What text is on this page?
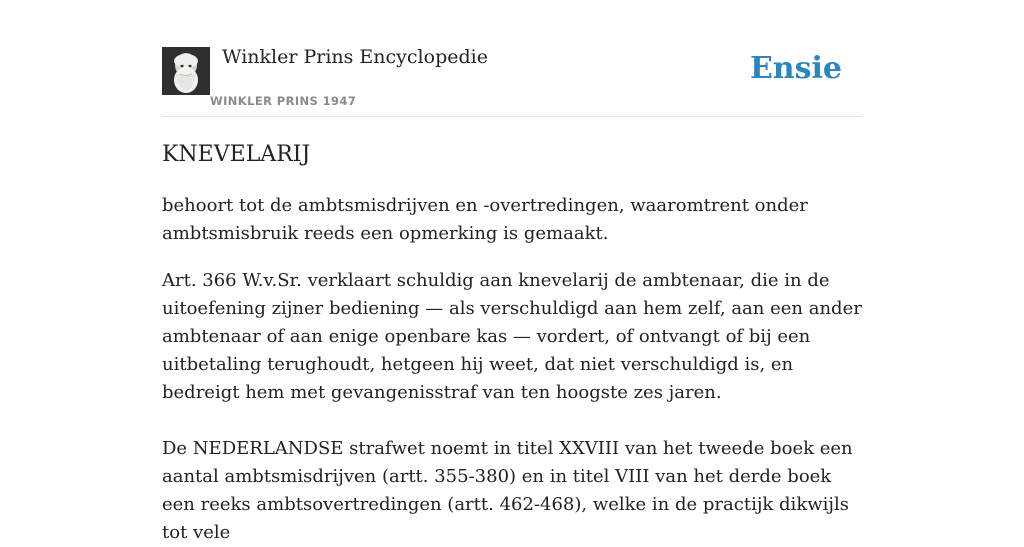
Winkler Prins Encyclopedie
WINKLER PRINS 1947
Ensie
KNEVELARIJ

behoort tot de ambtsmisdrijven en -overtredingen, waaromtrent onder ambtsmisbruik reeds een opmerking is gemaakt.

Art. 366 W.v.Sr. verklaart schuldig aan knevelarij de ambtenaar, die in de uitoefening zijner bediening — als verschuldigd aan hem zelf, aan een ander ambtenaar of aan enige openbare kas — vordert, of ontvangt of bij een uitbetaling terughoudt, hetgeen hij weet, dat niet verschuldigd is, en bedreigt hem met gevangenisstraf van ten hoogste zes jaren.

De NEDERLANDSE strafwet noemt in titel XXVIII van het tweede boek een aantal ambtsmisdrijven (artt. 355-380) en in titel VIII van het derde boek een reeks ambtsovertredingen (artt. 462-468), welke in de practijk dikwijls tot vele
